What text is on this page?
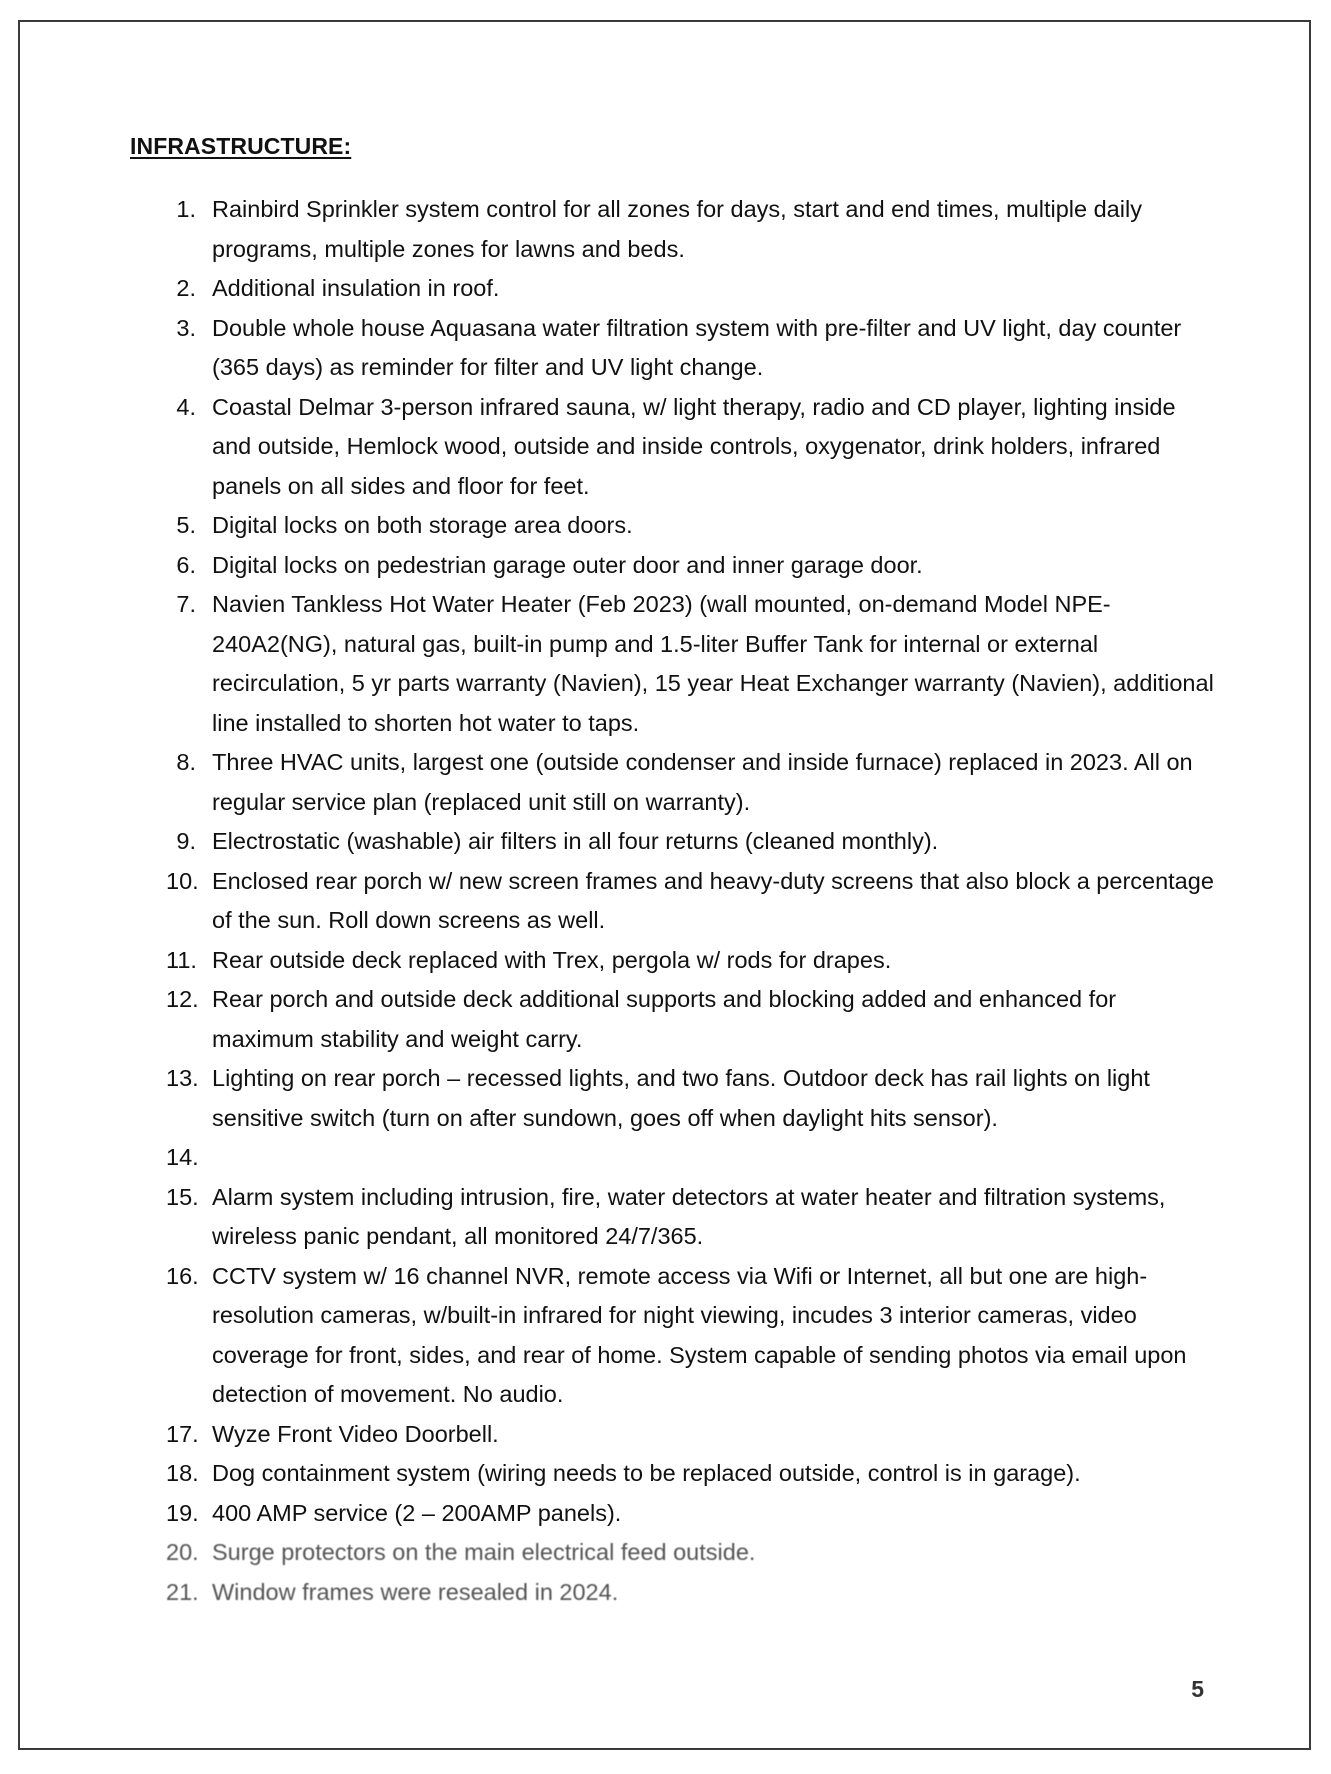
INFRASTRUCTURE:
1. Rainbird Sprinkler system control for all zones for days, start and end times, multiple daily programs, multiple zones for lawns and beds.
2. Additional insulation in roof.
3. Double whole house Aquasana water filtration system with pre-filter and UV light, day counter (365 days) as reminder for filter and UV light change.
4. Coastal Delmar 3-person infrared sauna, w/ light therapy, radio and CD player, lighting inside and outside, Hemlock wood, outside and inside controls, oxygenator, drink holders, infrared panels on all sides and floor for feet.
5. Digital locks on both storage area doors.
6. Digital locks on pedestrian garage outer door and inner garage door.
7. Navien Tankless Hot Water Heater (Feb 2023) (wall mounted, on-demand Model NPE-240A2(NG), natural gas, built-in pump and 1.5-liter Buffer Tank for internal or external recirculation, 5 yr parts warranty (Navien), 15 year Heat Exchanger warranty (Navien), additional line installed to shorten hot water to taps.
8. Three HVAC units, largest one (outside condenser and inside furnace) replaced in 2023. All on regular service plan (replaced unit still on warranty).
9. Electrostatic (washable) air filters in all four returns (cleaned monthly).
10. Enclosed rear porch w/ new screen frames and heavy-duty screens that also block a percentage of the sun. Roll down screens as well.
11. Rear outside deck replaced with Trex, pergola w/ rods for drapes.
12. Rear porch and outside deck additional supports and blocking added and enhanced for maximum stability and weight carry.
13. Lighting on rear porch – recessed lights, and two fans. Outdoor deck has rail lights on light sensitive switch (turn on after sundown, goes off when daylight hits sensor).
14.
15. Alarm system including intrusion, fire, water detectors at water heater and filtration systems, wireless panic pendant, all monitored 24/7/365.
16. CCTV system w/ 16 channel NVR, remote access via Wifi or Internet, all but one are high- resolution cameras, w/built-in infrared for night viewing, incudes 3 interior cameras, video coverage for front, sides, and rear of home. System capable of sending photos via email upon detection of movement. No audio.
17. Wyze Front Video Doorbell.
18. Dog containment system (wiring needs to be replaced outside, control is in garage).
19. 400 AMP service (2 – 200AMP panels).
20. Surge protectors on the main electrical feed outside.
21. Window frames were resealed in 2024.
5
